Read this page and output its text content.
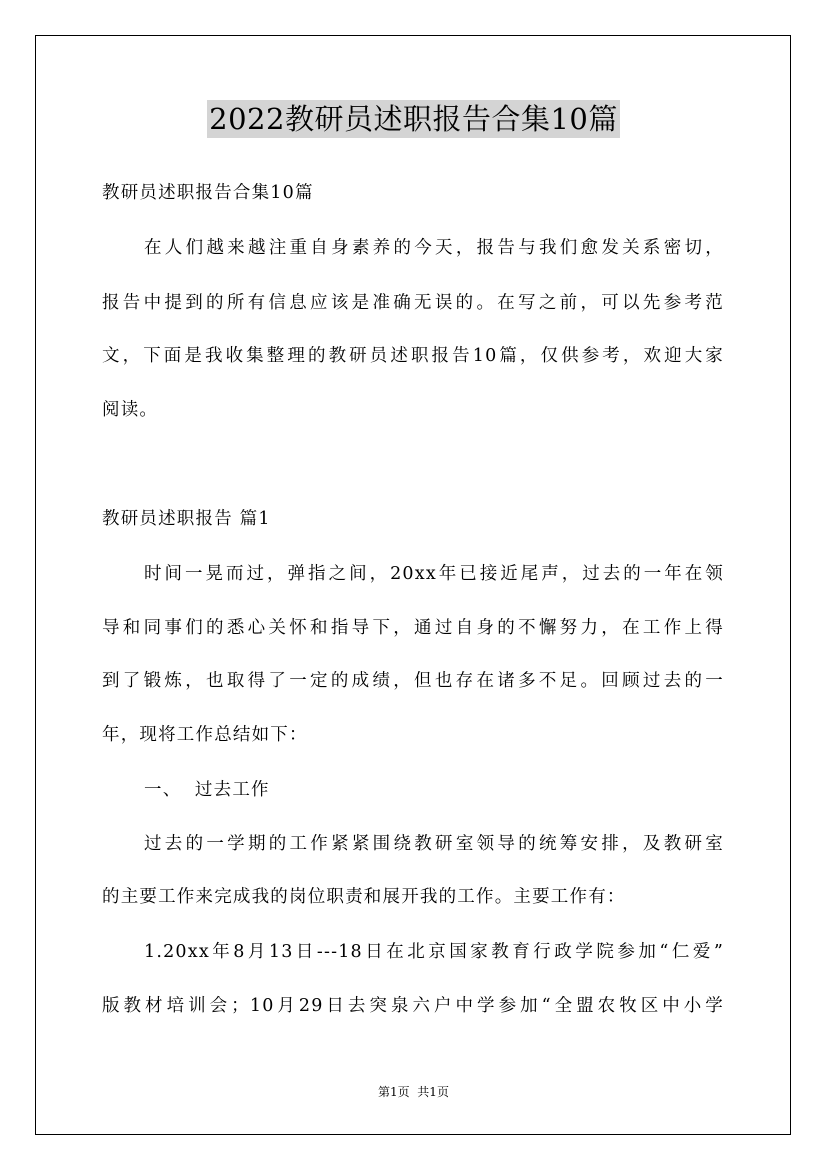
2022教研员述职报告合集10篇
教研员述职报告合集10篇
在人们越来越注重自身素养的今天，报告与我们愈发关系密切，
报告中提到的所有信息应该是准确无误的。在写之前，可以先参考范
文，下面是我收集整理的教研员述职报告10篇，仅供参考，欢迎大家
阅读。
教研员述职报告 篇1
时间一晃而过，弹指之间，20xx年已接近尾声，过去的一年在领
导和同事们的悉心关怀和指导下，通过自身的不懈努力，在工作上得
到了锻炼，也取得了一定的成绩，但也存在诸多不足。回顾过去的一
年，现将工作总结如下：
一、  过去工作
过去的一学期的工作紧紧围绕教研室领导的统筹安排，及教研室
的主要工作来完成我的岗位职责和展开我的工作。主要工作有：
1.20xx年8月13日---18日在北京国家教育行政学院参加“仁爱”
版教材培训会；10月29日去突泉六户中学参加“全盟农牧区中小学
第1页  共1页
